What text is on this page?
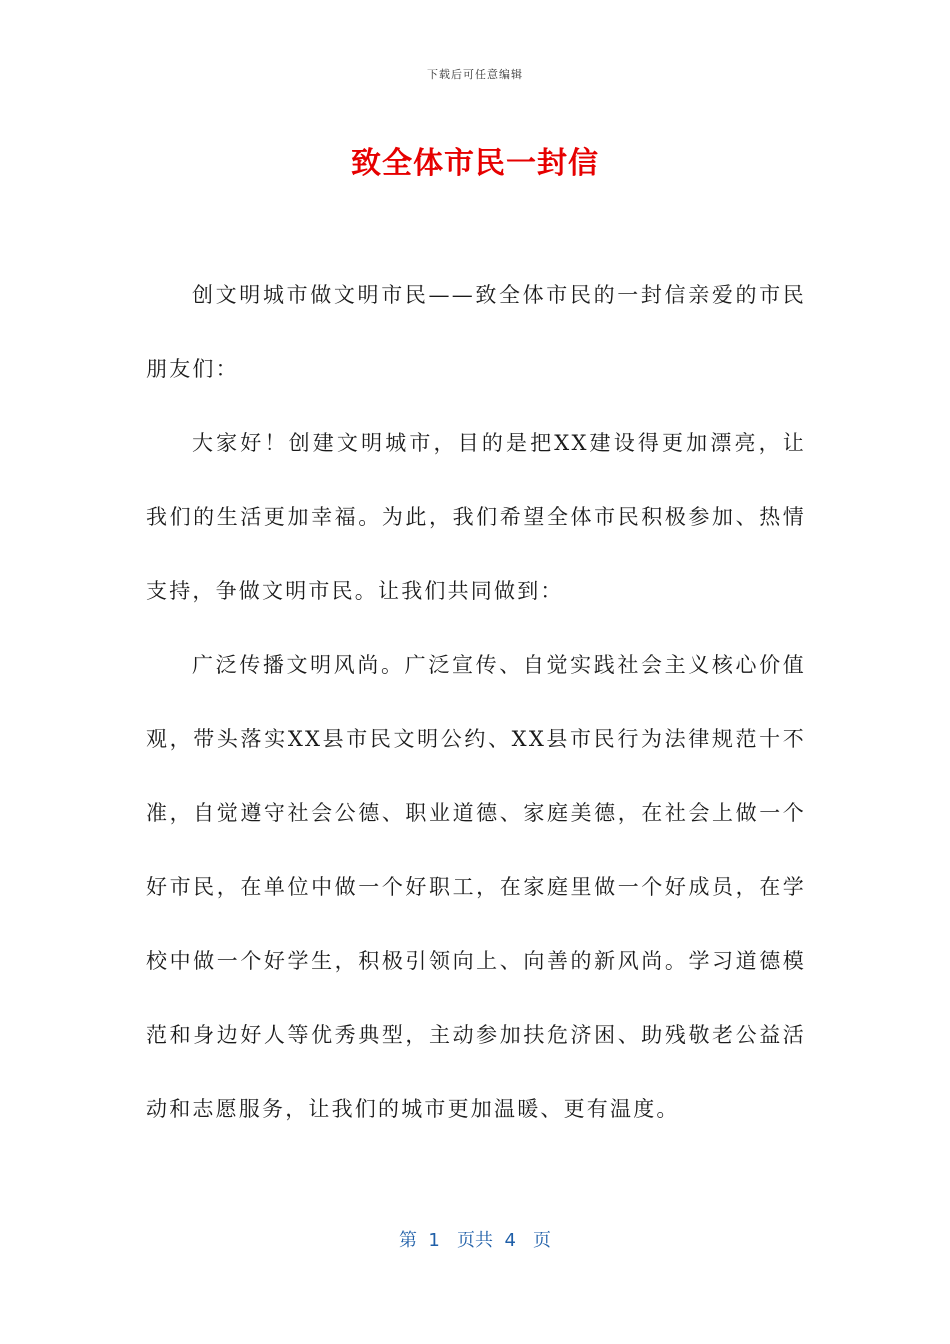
下载后可任意编辑
致全体市民一封信

创文明城市做文明市民——致全体市民的一封信亲爱的市民朋友们：

大家好！创建文明城市，目的是把XX建设得更加漂亮，让我们的生活更加幸福。为此，我们希望全体市民积极参加、热情支持，争做文明市民。让我们共同做到：

广泛传播文明风尚。广泛宣传、自觉实践社会主义核心价值观，带头落实XX县市民文明公约、XX县市民行为法律规范十不准，自觉遵守社会公德、职业道德、家庭美德，在社会上做一个好市民，在单位中做一个好职工，在家庭里做一个好成员，在学校中做一个好学生，积极引领向上、向善的新风尚。学习道德模范和身边好人等优秀典型，主动参加扶危济困、助残敬老公益活动和志愿服务，让我们的城市更加温暖、更有温度。

第  1   页共  4   页
